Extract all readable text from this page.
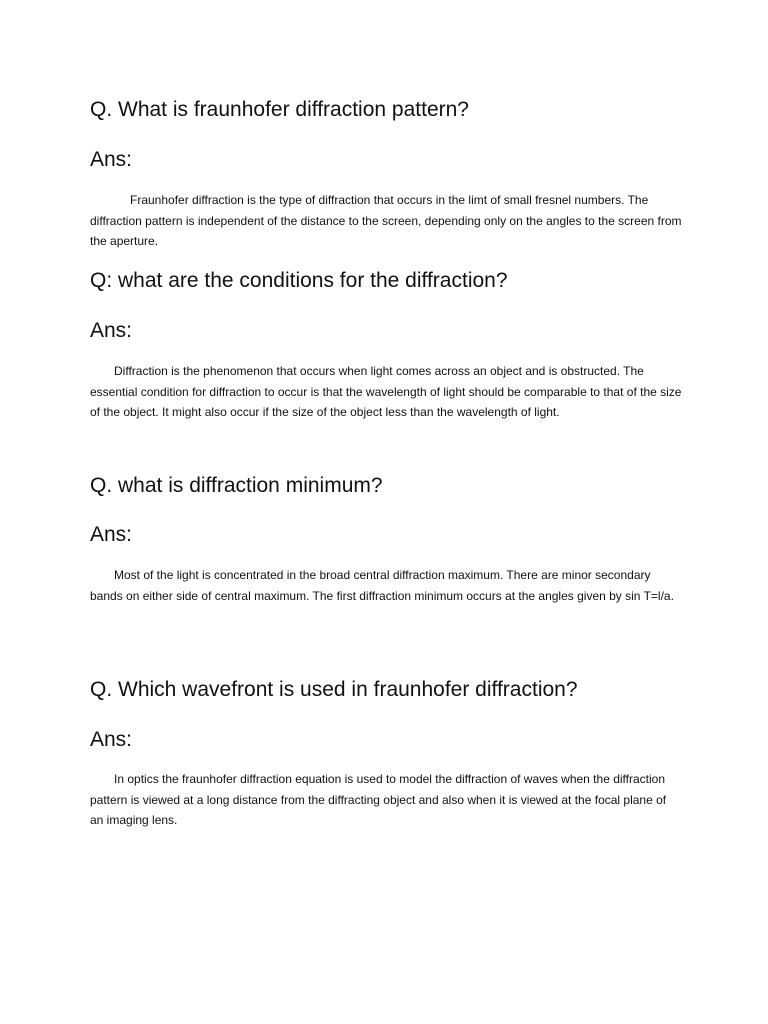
Q. What is fraunhofer diffraction pattern?
Ans:

Fraunhofer diffraction is the type of diffraction that occurs in the limt of small fresnel numbers. The diffraction pattern is independent of the distance to the screen, depending only on the angles to the screen from the aperture.

Q: what are the conditions for the diffraction?
Ans:

Diffraction is the phenomenon that occurs when light comes across an object and is obstructed. The essential condition for diffraction to occur is that the wavelength of light should be comparable to that of the size of the object. It might also occur if the size of the object less than the wavelength of light.

Q. what is diffraction minimum?
Ans:

Most of the light is concentrated in the broad central diffraction maximum. There are minor secondary bands on either side of central maximum. The first diffraction minimum occurs at the angles given by sin T=l/a.

Q. Which wavefront is used in fraunhofer diffraction?
Ans:

In optics the fraunhofer diffraction equation is used to model the diffraction of waves when the diffraction pattern is viewed at a long distance from the diffracting object and also when it is viewed at the focal plane of an imaging lens.
